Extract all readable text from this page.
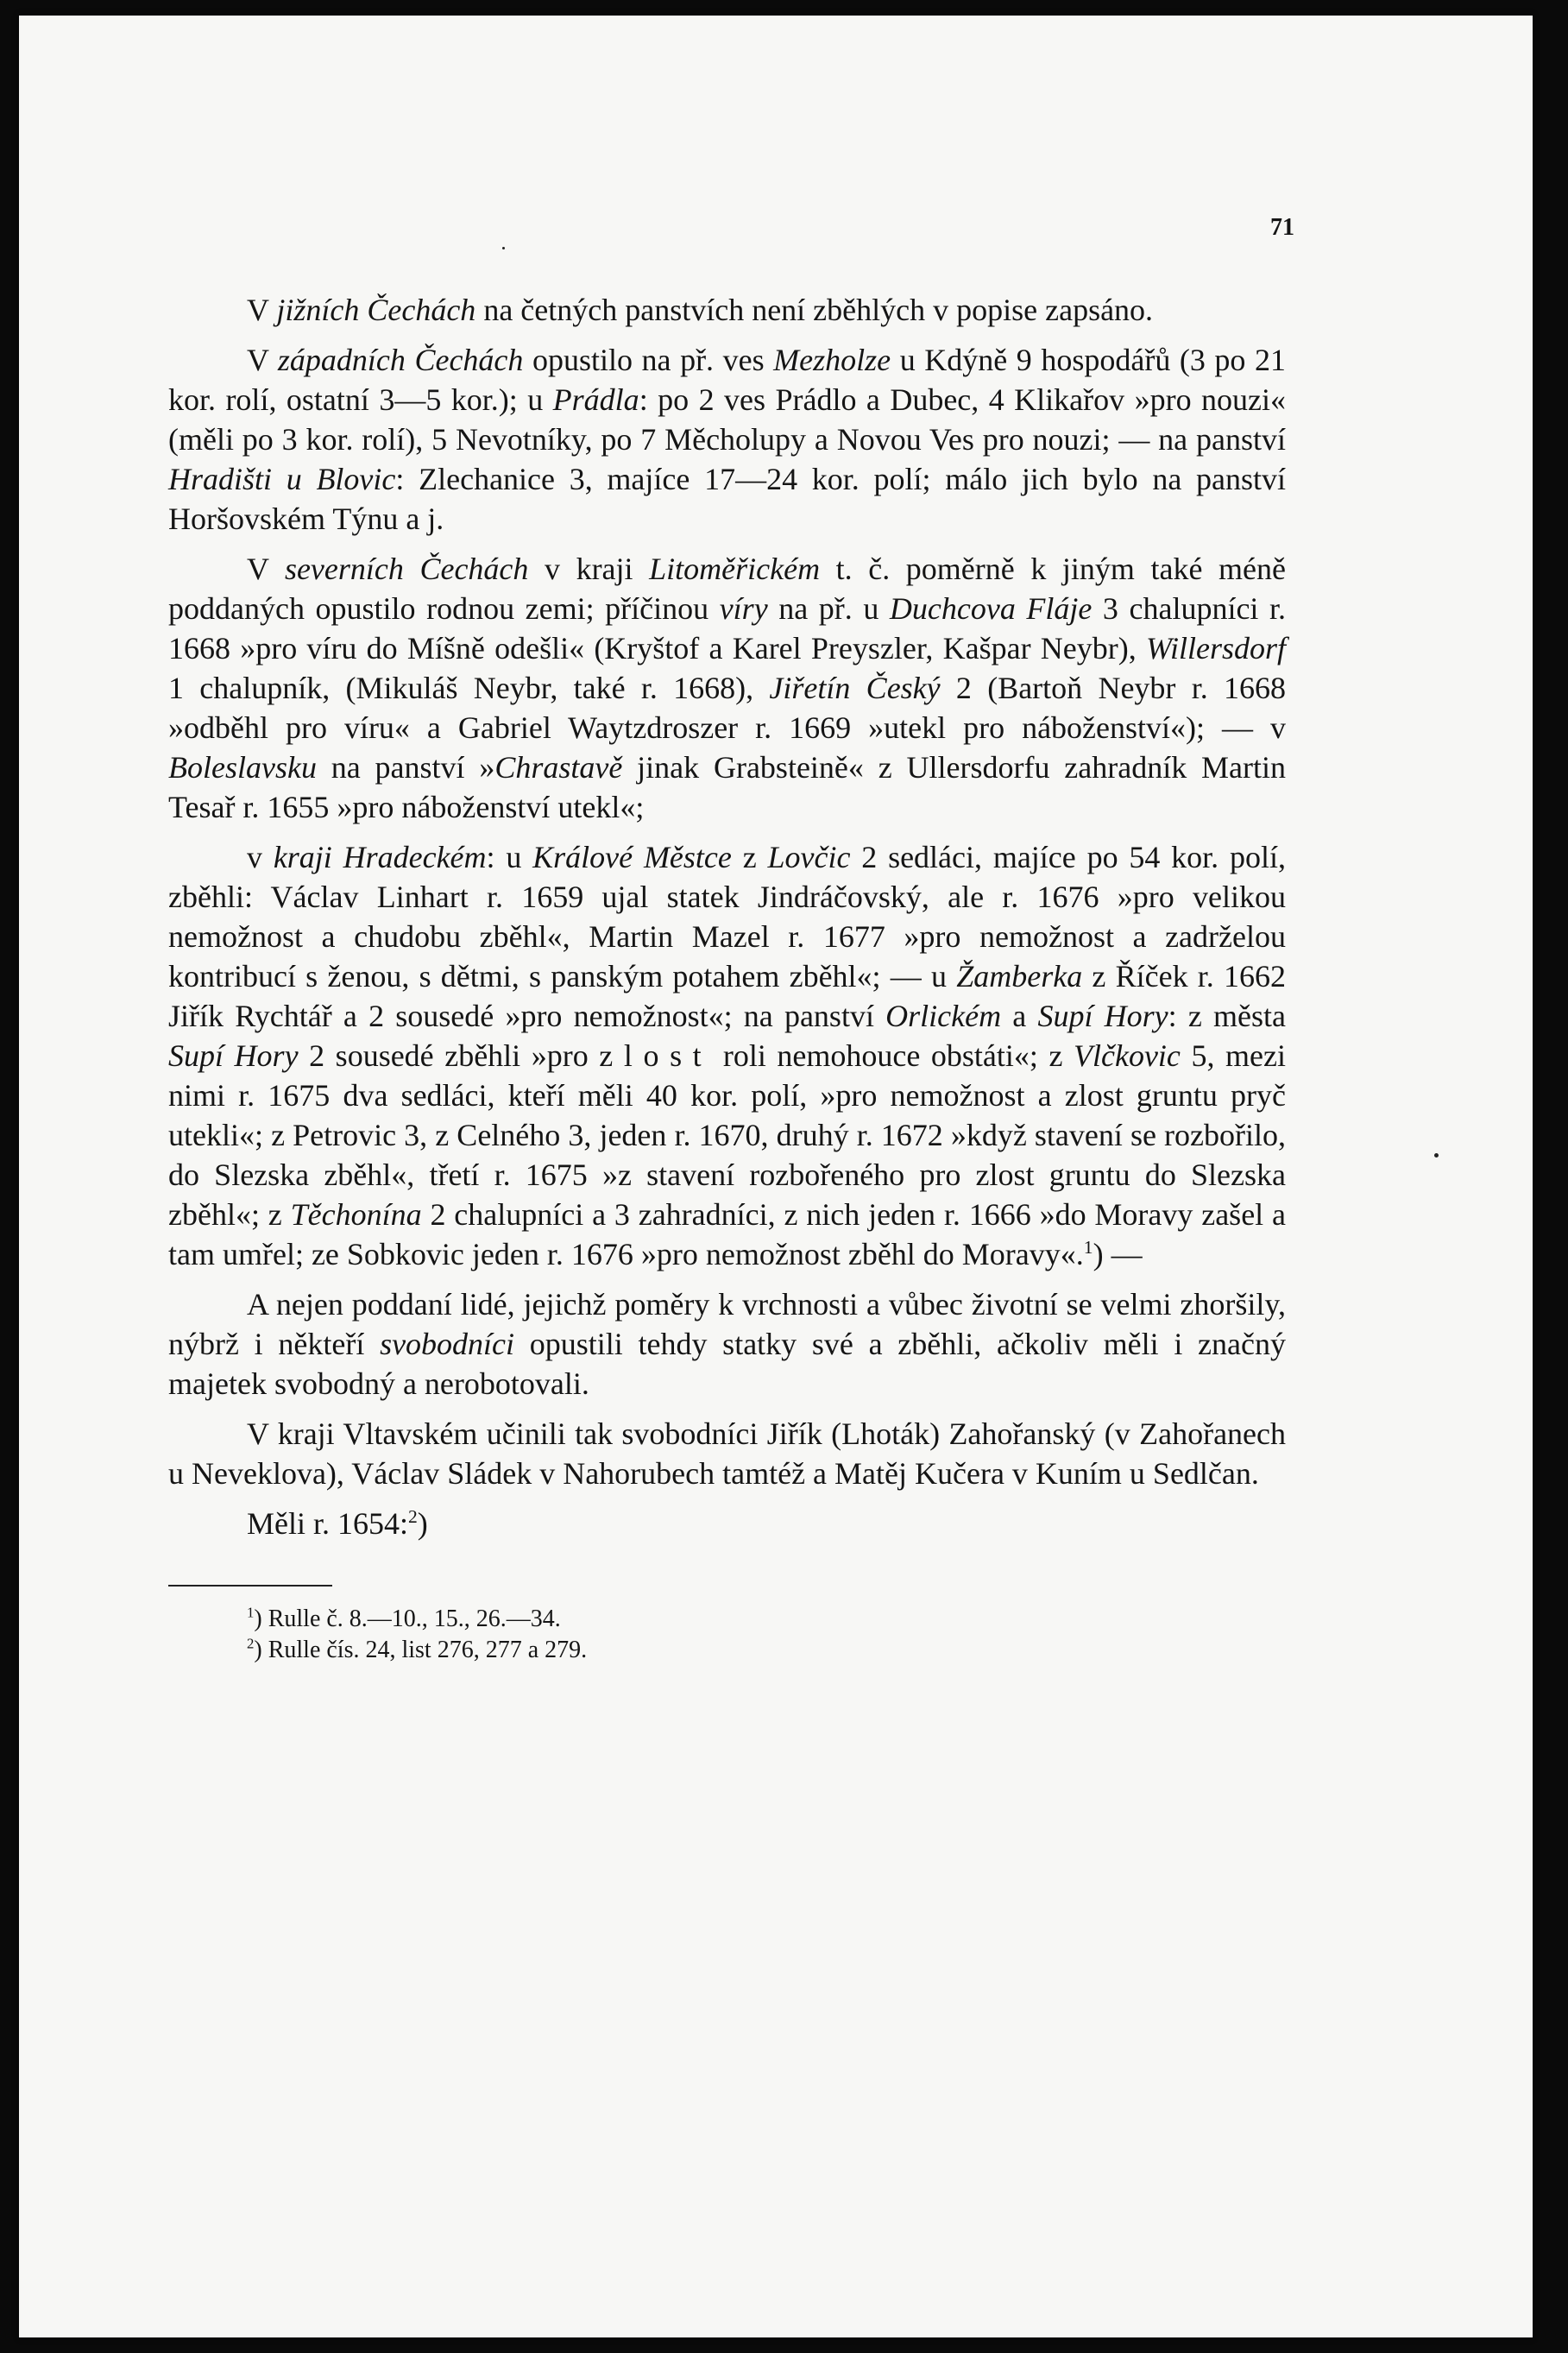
71

V jižních Čechách na četných panstvích není zběhlých v popise zapsáno.

V západních Čechách opustilo na př. ves Mezholze u Kdýně 9 hospodářů (3 po 21 kor. rolí, ostatní 3—5 kor.); u Prádla: po 2 ves Prádlo a Dubec, 4 Klikařov »pro nouzi« (měli po 3 kor. rolí), 5 Nevotníky, po 7 Měcholupy a Novou Ves pro nouzi; — na panství Hradišti u Blovic: Zlechanice 3, majíce 17—24 kor. polí; málo jich bylo na panství Horšovském Týnu a j.

V severních Čechách v kraji Litoměřickém t. č. poměrně k jiným také méně poddaných opustilo rodnou zemi; příčinou víry na př. u Duchcova Fláje 3 chalupníci r. 1668 »pro víru do Míšně odešli« (Kryštof a Karel Preyszler, Kašpar Neybr), Willersdorf 1 chalupník, (Mikuláš Neybr, také r. 1668), Jiřetín Český 2 (Bartoň Neybr r. 1668 »odběhl pro víru« a Gabriel Waytzdroszer r. 1669 »utekl pro náboženství«); — v Boleslavsku na panství »Chrastavě jinak Grabsteině« z Ullersdorfu zahradník Martin Tesař r. 1655 »pro náboženství utekl«;

v kraji Hradeckém: u Králové Městce z Lovčic 2 sedláci, majíce po 54 kor. polí, zběhli: Václav Linhart r. 1659 ujal statek Jindráčovský, ale r. 1676 »pro velikou nemožnost a chudobu zběhl«, Martin Mazel r. 1677 »pro nemožnost a zadrželou kontribucí s ženou, s dětmi, s panským potahem zběhl«; — u Žamberka z Říček r. 1662 Jiřík Rychtář a 2 sousedé »pro nemožnost«; na panství Orlickém a Supí Hory: z města Supí Hory 2 sousedé zběhli »pro zlost roli nemohouce obstáti«; z Vlčkovic 5, mezi nimi r. 1675 dva sedláci, kteří měli 40 kor. polí, »pro nemožnost a zlost gruntu pryč utekli«; z Petrovic 3, z Celného 3, jeden r. 1670, druhý r. 1672 »když stavení se rozbořilo, do Slezska zběhl«, třetí r. 1675 »z stavení rozbořeného pro zlost gruntu do Slezska zběhl«; z Těchonína 2 chalupníci a 3 zahradníci, z nich jeden r. 1666 »do Moravy zašel a tam umřel; ze Sobkovic jeden r. 1676 »pro nemožnost zběhl do Moravy«.$^1$) —

A nejen poddaní lidé, jejichž poměry k vrchnosti a vůbec životní se velmi zhoršily, nýbrž i někteří svobodníci opustili tehdy statky své a zběhli, ačkoliv měli i značný majetek svobodný a nerobotovali.

V kraji Vltavském učinili tak svobodníci Jiřík (Lhoták) Zahořanský (v Zahořanech u Neveklova), Václav Sládek v Nahorubech tamtéž a Matěj Kučera v Kuním u Sedlčan.

Měli r. 1654:$^2$)

$^1$) Rulle č. 8.—10., 15., 26.—34.
$^2$) Rulle čís. 24, list 276, 277 a 279.
